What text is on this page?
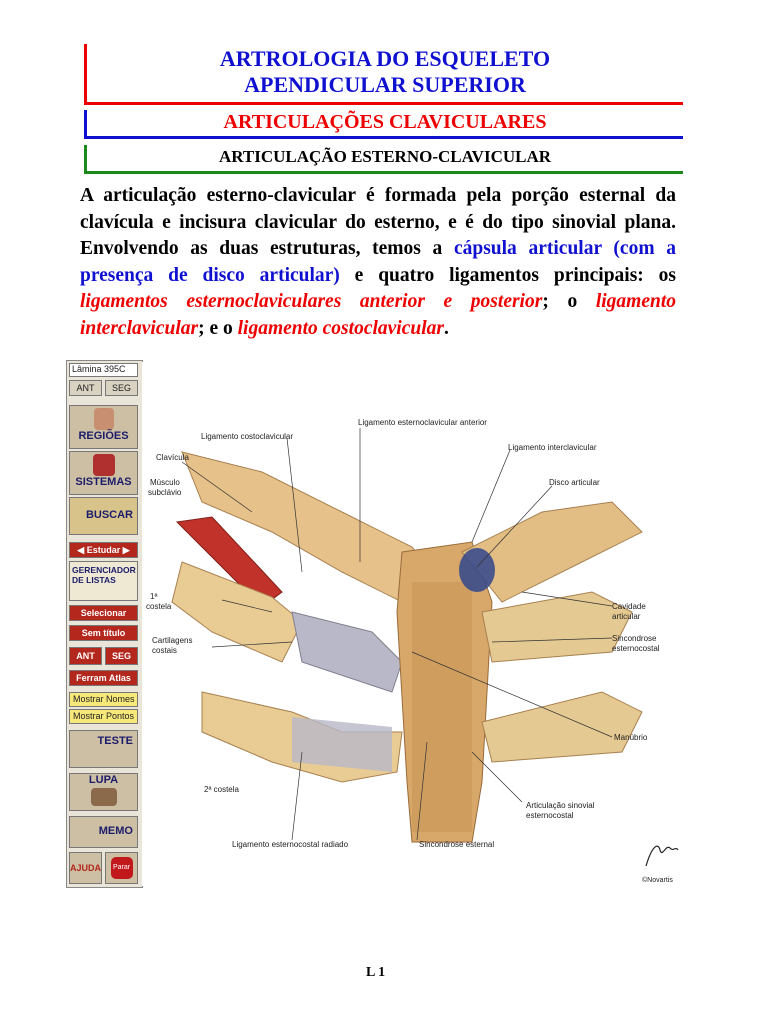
ARTROLOGIA DO ESQUELETO
APENDICULAR SUPERIOR
ARTICULAÇÕES CLAVICULARES
ARTICULAÇÃO ESTERNO-CLAVICULAR
A articulação esterno-clavicular é formada pela porção esternal da clavícula e incisura clavicular do esterno, e é do tipo sinovial plana. Envolvendo as duas estruturas, temos a cápsula articular (com a presença de disco articular) e quatro ligamentos principais: os ligamentos esternoclaviculares anterior e posterior; o ligamento interclavicular; e o ligamento costoclavicular.
Lâmina 395C
ANT	SEG
REGIÕES
SISTEMAS
BUSCAR
◀ Estudar ▶
GERENCIADOR DE LISTAS
Selecionar
Sem título
ANT	SEG
Ferram Atlas
Mostrar Nomes
Mostrar Pontos
TESTE
LUPA
MEMO
AJUDA	Parar
Articulação Esternoclavicular
Ligamento esternoclavicular anterior
Ligamento costoclavicular
Ligamento interclavicular
Clavícula
Disco articular
Músculo
subclávio
1ª
costela	Cavidade
articular
Cartilagens
costais
Sincondrose
esternocostal
Manúbrio
2ª costela
Articulação sinovial
esternocostal
Ligamento esternocostal radiado	Sincondrose esternal
©Novartis
L 1
